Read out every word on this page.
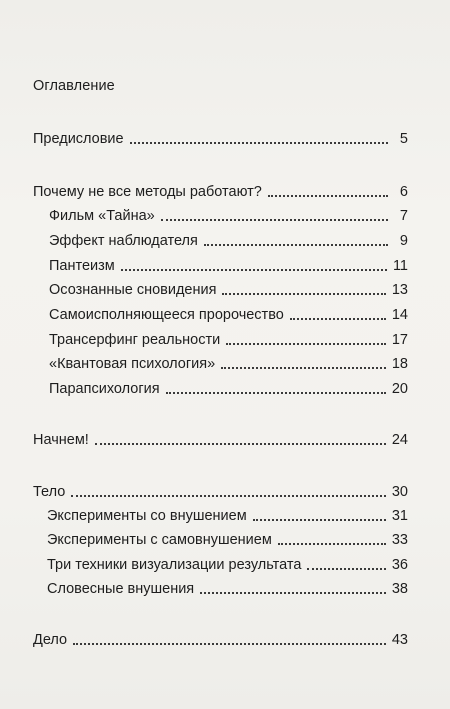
Оглавление
Предисловие	5
Почему не все методы работают?	6
Фильм «Тайна»	7
Эффект наблюдателя	9
Пантеизм	11
Осознанные сновидения	13
Самоисполняющееся пророчество	14
Трансерфинг реальности	17
«Квантовая психология»	18
Парапсихология	20
Начнем!	24
Тело	30
Эксперименты со внушением	31
Эксперименты с самовнушением	33
Три техники визуализации результата	36
Словесные внушения	38
Дело	43
